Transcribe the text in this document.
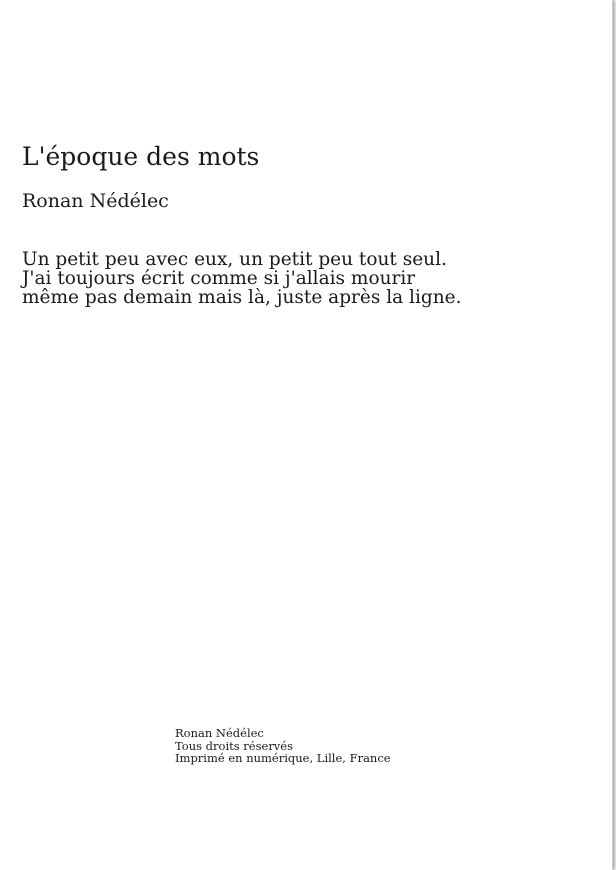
L'époque des mots

Ronan Nédélec

Un petit peu avec eux, un petit peu tout seul.
J'ai toujours écrit comme si j'allais mourir
même pas demain mais là, juste après la ligne.

Ronan Nédélec
Tous droits réservés
Imprimé en numérique, Lille, France
